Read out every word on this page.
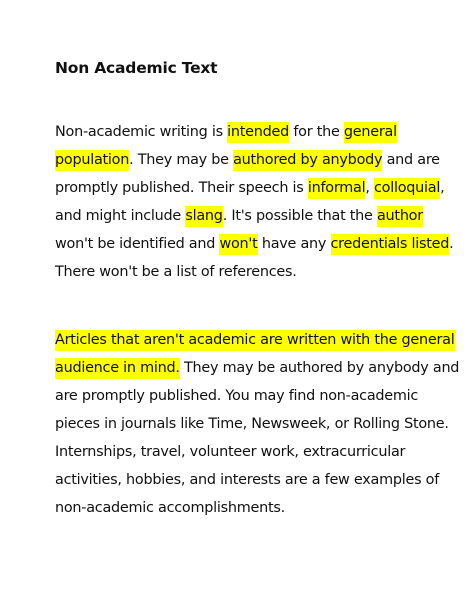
Non Academic Text

Non-academic writing is intended for the general
population. They may be authored by anybody and are
promptly published. Their speech is informal, colloquial,
and might include slang. It's possible that the author
won't be identified and won't have any credentials listed.
There won't be a list of references.

Articles that aren't academic are written with the general
audience in mind. They may be authored by anybody and
are promptly published. You may find non-academic
pieces in journals like Time, Newsweek, or Rolling Stone.
Internships, travel, volunteer work, extracurricular
activities, hobbies, and interests are a few examples of
non-academic accomplishments.
